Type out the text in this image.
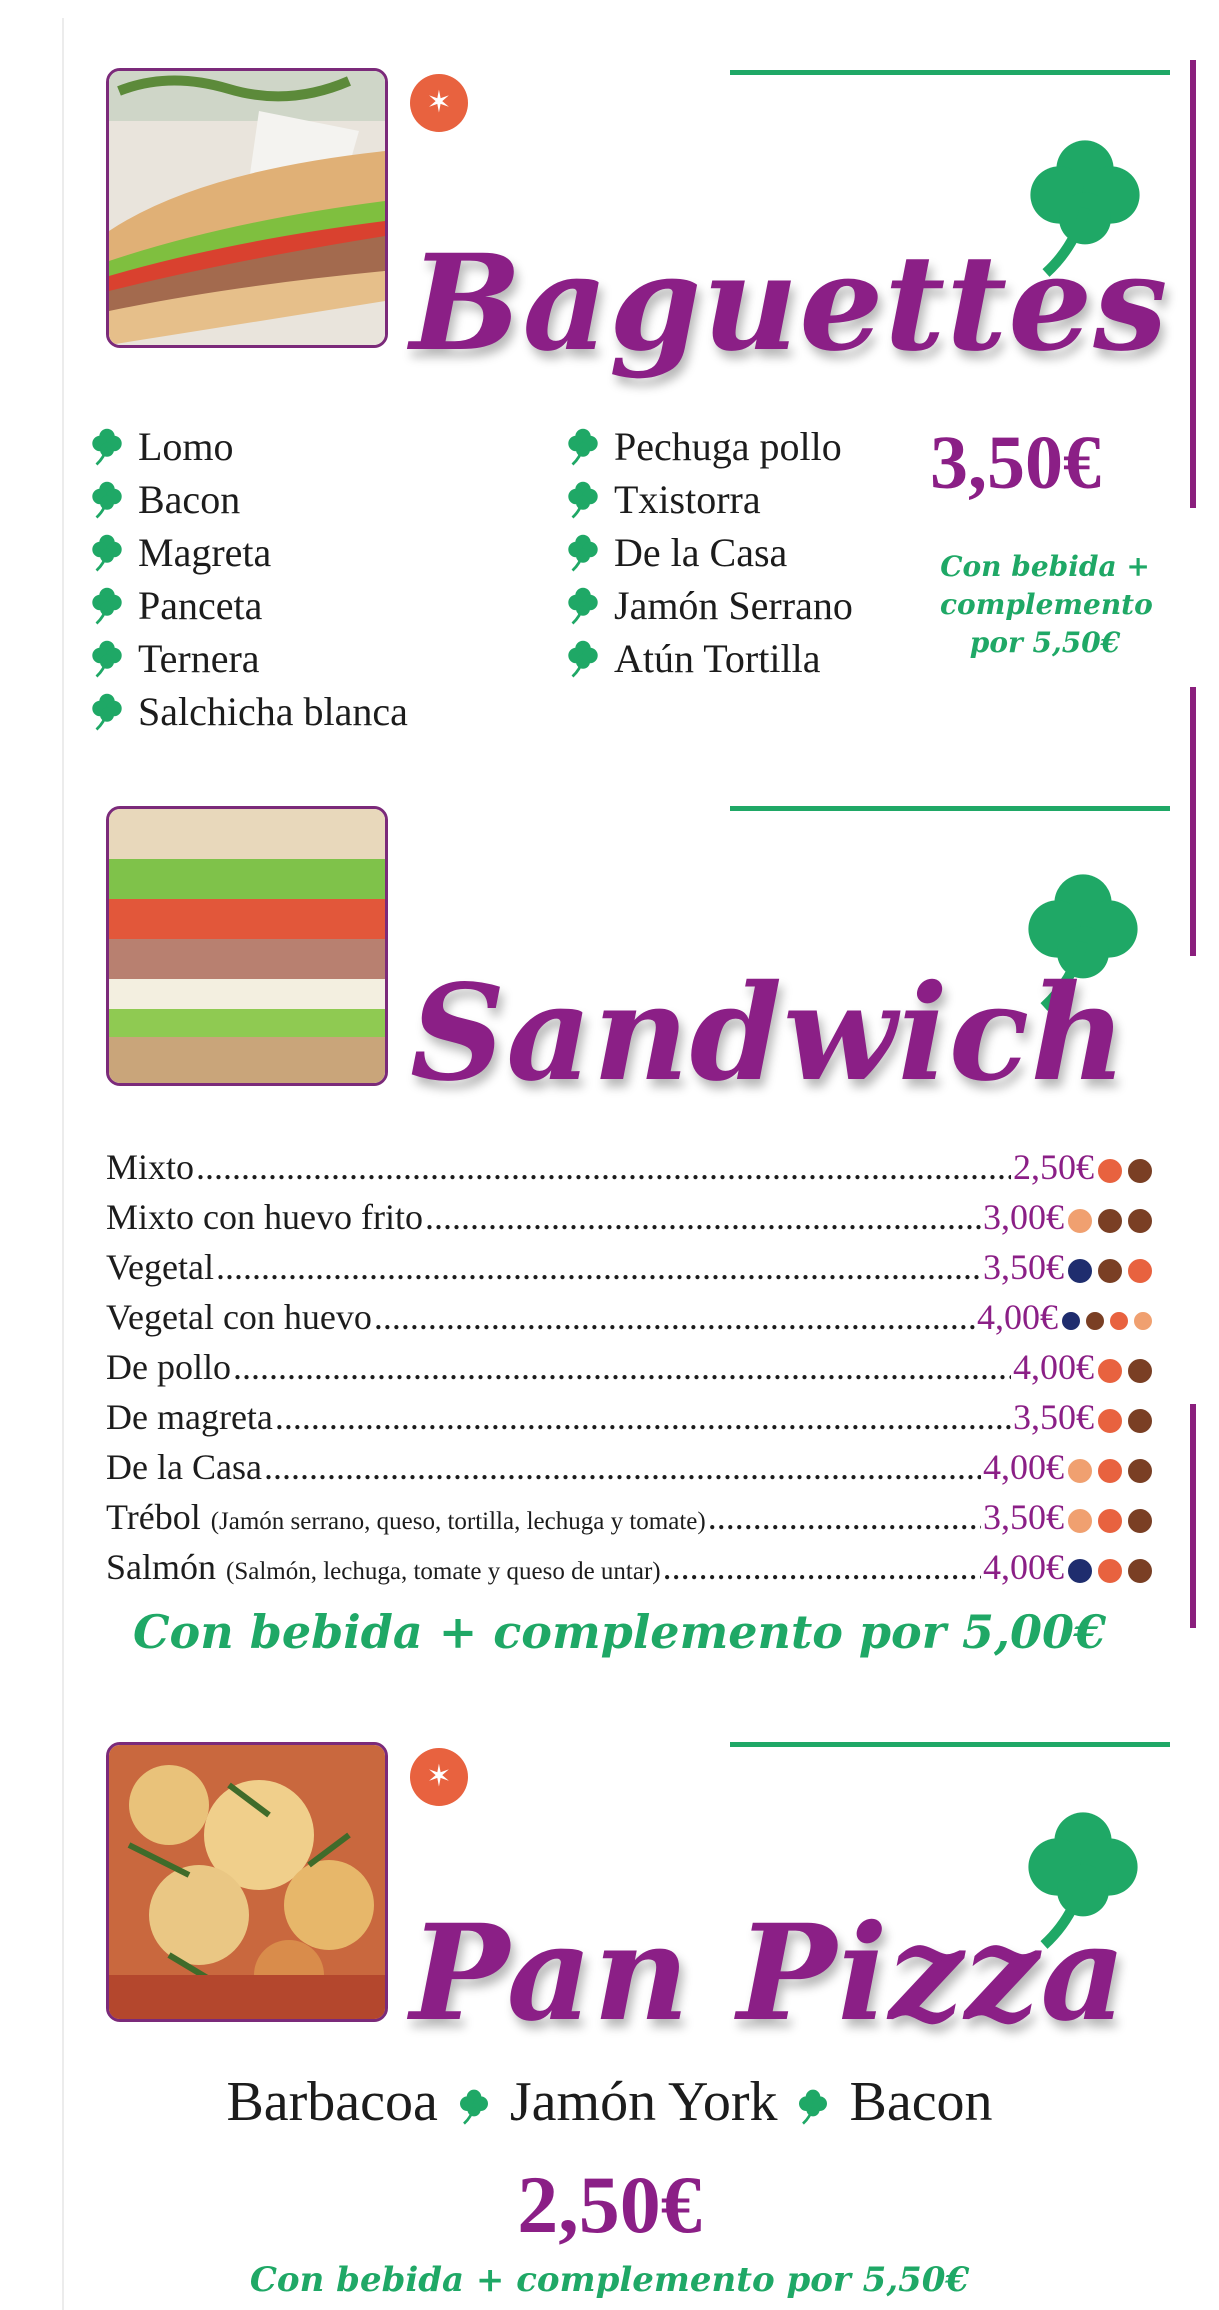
✶
Baguettes
Lomo
Bacon
Magreta
Panceta
Ternera
Salchicha blanca
Pechuga pollo
Txistorra
De la Casa
Jamón Serrano
Atún Tortilla
3,50€
Con bebida +
complemento
por 5,50€
Sandwich
Mixto .....	2,50€
Mixto con huevo frito .....	3,00€
Vegetal .....	3,50€
Vegetal con huevo .....	4,00€
De pollo .....	4,00€
De magreta .....	3,50€
De la Casa .....	4,00€
Trébol (Jamón serrano, queso, tortilla, lechuga y tomate) .....	3,50€
Salmón (Salmón, lechuga, tomate y queso de untar) .....	4,00€
Con bebida + complemento por 5,00€
✶
Pan Pizza
Barbacoa Jamón York Bacon
2,50€
Con bebida + complemento por 5,50€
